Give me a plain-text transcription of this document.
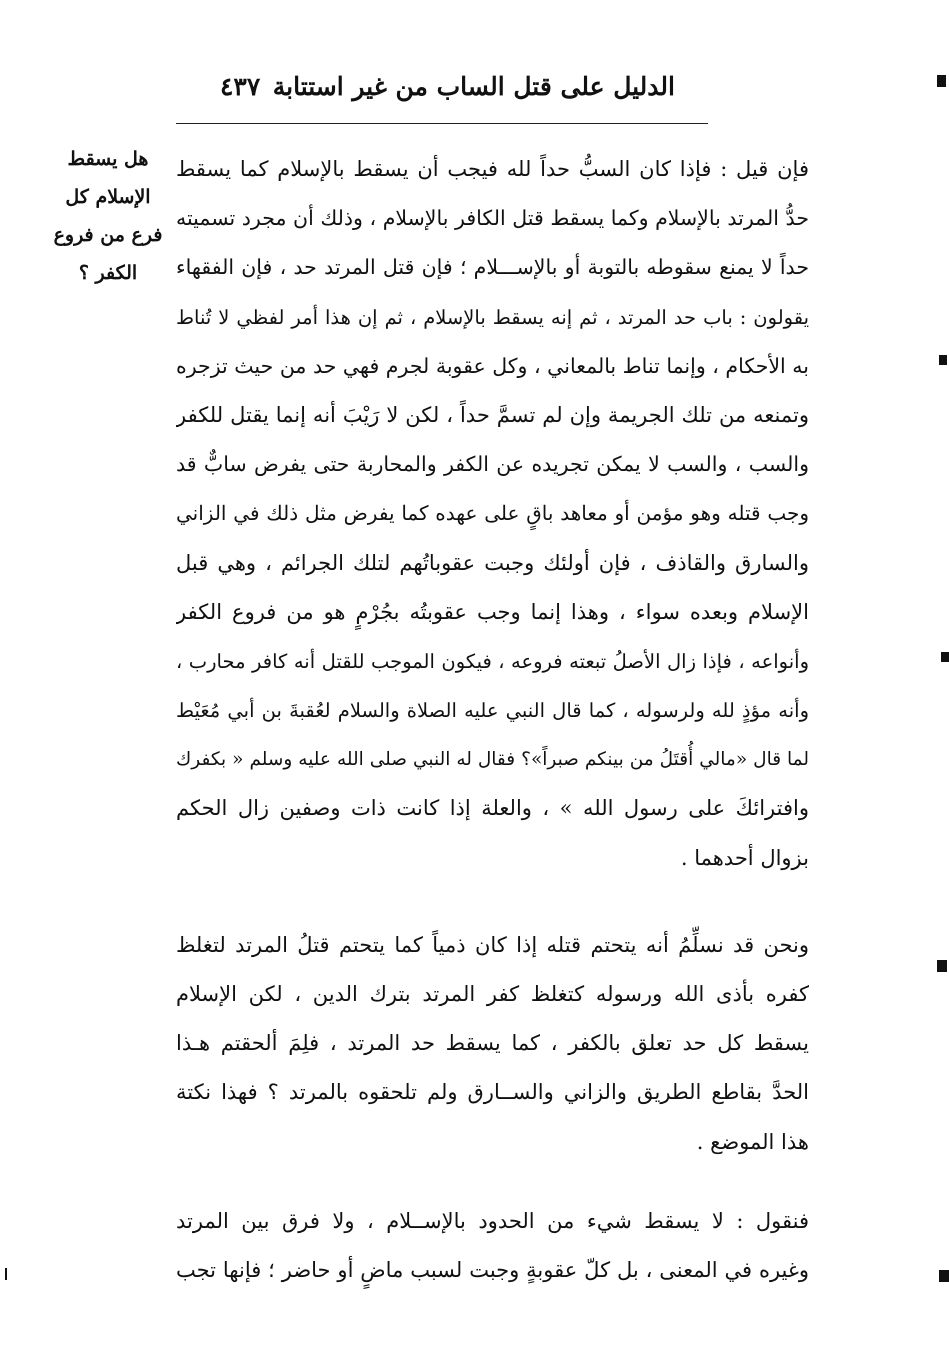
الدليل على قتل الساب من غير استتابة
٤٣٧
هل يسقط
الإسلام كل
فرع من فروع
الكفر ؟
فإن قيل : فإذا كان السبُّ حداً لله فيجب أن يسقط بالإسلام كما يسقط
حدُّ المرتد بالإسلام وكما يسقط قتل الكافر بالإسلام ، وذلك أن مجرد تسميته
حداً لا يمنع سقوطه بالتوبة أو بالإســـلام ؛ فإن قتل المرتد حد ، فإن الفقهاء
يقولون : باب حد المرتد ، ثم إنه يسقط بالإسلام ، ثم إن هذا أمر لفظي لا تُناط
به الأحكام ، وإنما تناط بالمعاني ، وكل عقوبة لجرم فهي حد من حيث تزجره
وتمنعه من تلك الجريمة وإن لم تسمَّ حداً ، لكن لا رَيْبَ أنه إنما يقتل للكفر
والسب ، والسب لا يمكن تجريده عن الكفر والمحاربة حتى يفرض سابٌّ قد
وجب قتله وهو مؤمن أو معاهد باقٍ على عهده كما يفرض مثل ذلك في الزاني
والسارق والقاذف ، فإن أولئك وجبت عقوباتُهم لتلك الجرائم ، وهي قبل
الإسلام وبعده سواء ، وهذا إنما وجب عقوبتُه بجُرْمٍ هو من فروع الكفر
وأنواعه ، فإذا زال الأصلُ تبعته فروعه ، فيكون الموجب للقتل أنه كافر محارب ،
وأنه مؤذٍ لله ولرسوله ، كما قال النبي عليه الصلاة والسلام لعُقبةَ بن أبي مُعَيْط
لما قال «مالي أُقتَلُ من بينكم صبراً»؟ فقال له النبي صلى الله عليه وسلم « بكفرك
وافترائكَ على رسول الله » ، والعلة إذا كانت ذات وصفين زال الحكم
بزوال أحدهما .
ونحن قد نسلِّمُ أنه يتحتم قتله إذا كان ذمياً كما يتحتم قتلُ المرتد لتغلظ
كفره بأذى الله ورسوله كتغلظ كفر المرتد بترك الدين ، لكن الإسلام
يسقط كل حد تعلق بالكفر ، كما يسقط حد المرتد ، فلِمَ ألحقتم هـذا
الحدَّ بقاطع الطريق والزاني والســارق ولم تلحقوه بالمرتد ؟ فهذا نكتة
هذا الموضع .
فنقول : لا يسقط شيء من الحدود بالإســلام ، ولا فرق بين المرتد
وغيره في المعنى ، بل كلّ عقوبةٍ وجبت لسبب ماضٍ أو حاضر ؛ فإنها تجب
